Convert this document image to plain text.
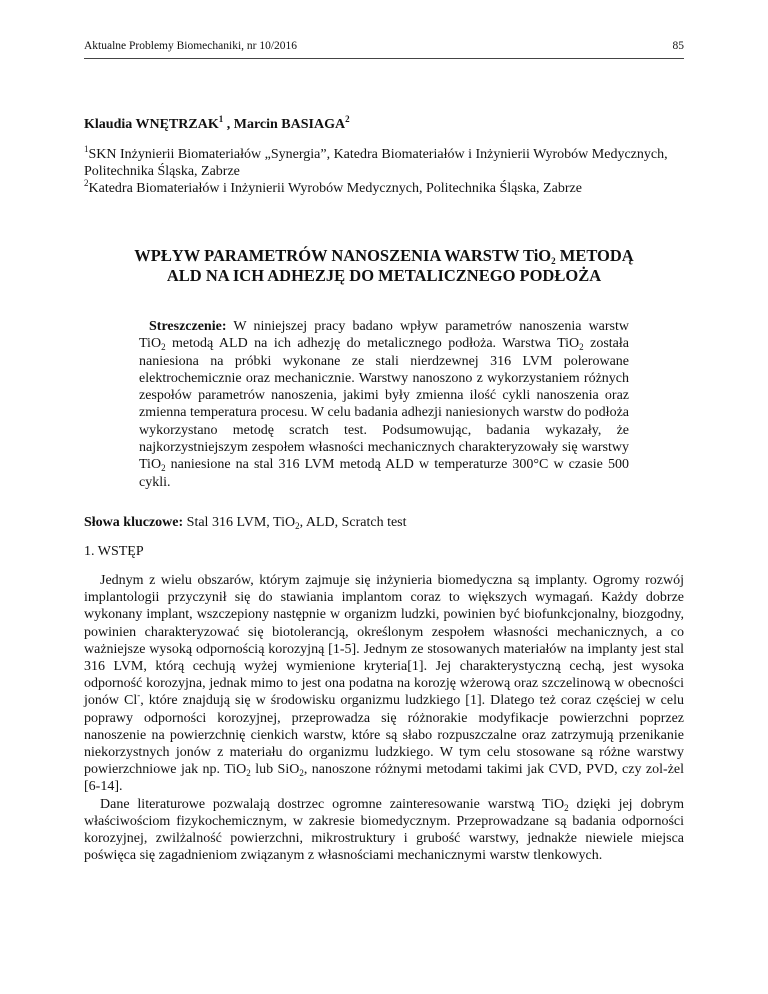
Aktualne Problemy Biomechaniki, nr 10/2016	85
Klaudia WNĘTRZAK$^1$ , Marcin BASIAGA$^2$
$^1$SKN Inżynierii Biomateriałów „Synergia”, Katedra Biomateriałów i Inżynierii Wyrobów Medycznych, Politechnika Śląska, Zabrze
$^2$Katedra Biomateriałów i Inżynierii Wyrobów Medycznych, Politechnika Śląska, Zabrze
WPŁYW PARAMETRÓW NANOSZENIA WARSTW TiO$_2$ METODĄ
ALD NA ICH ADHEZJĘ DO METALICZNEGO PODŁOŻA
Streszczenie: W niniejszej pracy badano wpływ parametrów nanoszenia warstw TiO$_2$ metodą ALD na ich adhezję do metalicznego podłoża. Warstwa TiO$_2$ została naniesiona na próbki wykonane ze stali nierdzewnej 316 LVM polerowane elektrochemicznie oraz mechanicznie. Warstwy nanoszono z wykorzystaniem różnych zespołów parametrów nanoszenia, jakimi były zmienna ilość cykli nanoszenia oraz zmienna temperatura procesu. W celu badania adhezji naniesionych warstw do podłoża wykorzystano metodę scratch test. Podsumowując, badania wykazały, że najkorzystniejszym zespołem własności mechanicznych charakteryzowały się warstwy TiO$_2$ naniesione na stal 316 LVM metodą ALD w temperaturze 300°C w czasie 500 cykli.
Słowa kluczowe: Stal 316 LVM, TiO$_2$, ALD, Scratch test
1. WSTĘP

Jednym z wielu obszarów, którym zajmuje się inżynieria biomedyczna są implanty. Ogromy rozwój implantologii przyczynił się do stawiania implantom coraz to większych wymagań. Każdy dobrze wykonany implant, wszczepiony następnie w organizm ludzki, powinien być biofunkcjonalny, biozgodny, powinien charakteryzować się biotolerancją, określonym zespołem własności mechanicznych, a co ważniejsze wysoką odpornością korozyjną [1-5]. Jednym ze stosowanych materiałów na implanty jest stal 316 LVM, którą cechują wyżej wymienione kryteria[1]. Jej charakterystyczną cechą, jest wysoka odporność korozyjna, jednak mimo to jest ona podatna na korozję wżerową oraz szczelinową w obecności jonów Cl-, które znajdują się w środowisku organizmu ludzkiego [1]. Dlatego też coraz częściej w celu poprawy odporności korozyjnej, przeprowadza się różnorakie modyfikacje powierzchni poprzez nanoszenie na powierzchnię cienkich warstw, które są słabo rozpuszczalne oraz zatrzymują przenikanie niekorzystnych jonów z materiału do organizmu ludzkiego. W tym celu stosowane są różne warstwy powierzchniowe jak np. TiO$_2$ lub SiO$_2$, nanoszone różnymi metodami takimi jak CVD, PVD, czy zol-żel [6-14].

Dane literaturowe pozwalają dostrzec ogromne zainteresowanie warstwą TiO$_2$ dzięki jej dobrym właściwościom fizykochemicznym, w zakresie biomedycznym. Przeprowadzane są badania odporności korozyjnej, zwilżalność powierzchni, mikrostruktury i grubość warstwy, jednakże niewiele miejsca poświęca się zagadnieniom związanym z własnościami mechanicznymi warstw tlenkowych.
